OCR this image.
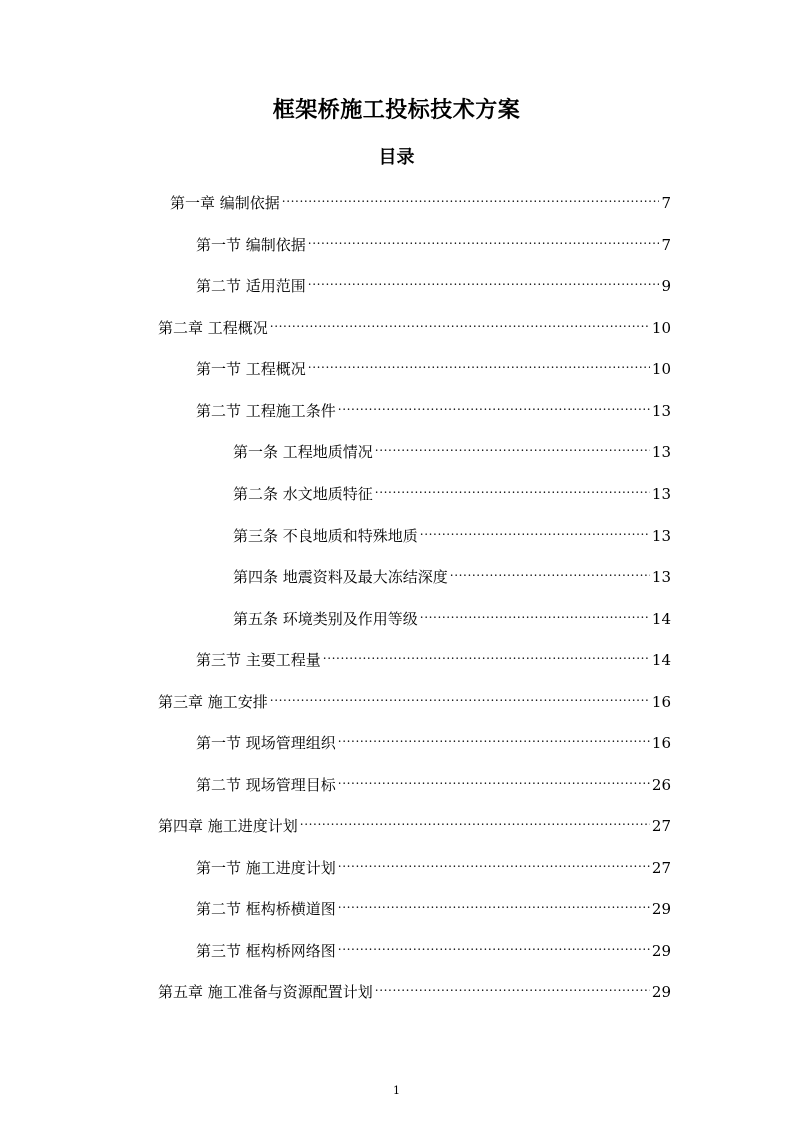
框架桥施工投标技术方案
目录
第一章 编制依据 .....	7
第一节 编制依据 .....	7
第二节 适用范围 .....	9
第二章 工程概况 .....	10
第一节 工程概况 .....	10
第二节 工程施工条件 .....	13
第一条 工程地质情况 .....	13
第二条 水文地质特征 .....	13
第三条 不良地质和特殊地质 .....	13
第四条 地震资料及最大冻结深度 .....	13
第五条 环境类别及作用等级 .....	14
第三节 主要工程量 .....	14
第三章 施工安排 .....	16
第一节 现场管理组织 .....	16
第二节 现场管理目标 .....	26
第四章 施工进度计划 .....	27
第一节 施工进度计划 .....	27
第二节 框构桥横道图 .....	29
第三节 框构桥网络图 .....	29
第五章 施工准备与资源配置计划 .....	29
1
